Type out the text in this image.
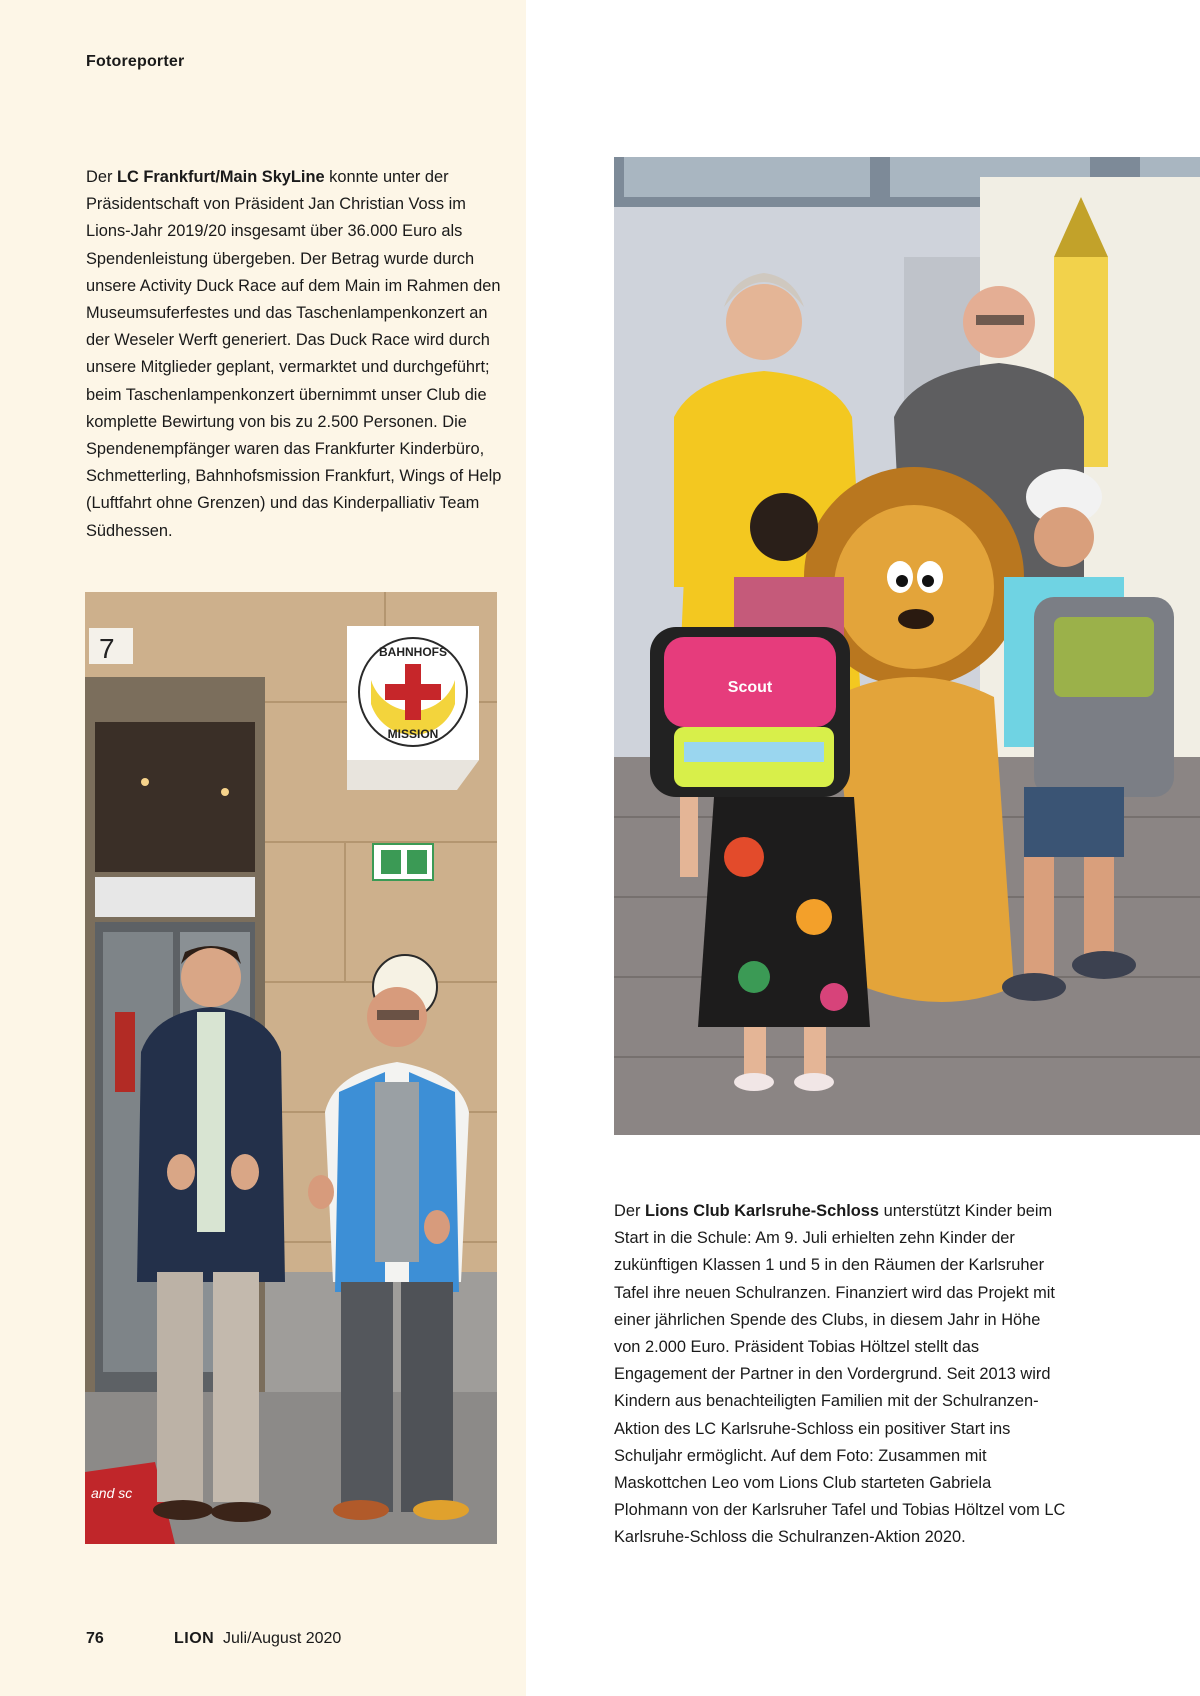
Fotoreporter

Der LC Frankfurt/Main SkyLine konnte unter der Präsidentschaft von Präsident Jan Christian Voss im Lions-Jahr 2019/20 insgesamt über 36.000 Euro als Spendenleistung übergeben. Der Betrag wurde durch unsere Activity Duck Race auf dem Main im Rahmen den Museumsuferfestes und das Taschenlampenkonzert an der Weseler Werft generiert. Das Duck Race wird durch unsere Mitglieder geplant, vermarktet und durchgeführt; beim Taschenlampenkonzert übernimmt unser Club die komplette Bewirtung von bis zu 2.500 Personen. Die Spendenempfänger waren das Frankfurter Kinderbüro, Schmetterling, Bahnhofsmission Frankfurt, Wings of Help (Luftfahrt ohne Grenzen) und das Kinderpalliativ Team Südhessen.

7	BAHNHOFS
MISSION
and sc
Scout

Der Lions Club Karlsruhe-Schloss unterstützt Kinder beim Start in die Schule: Am 9. Juli erhielten zehn Kinder der zukünftigen Klassen 1 und 5 in den Räumen der Karlsruher Tafel ihre neuen Schulranzen. Finanziert wird das Projekt mit einer jährlichen Spende des Clubs, in diesem Jahr in Höhe von 2.000 Euro. Präsident Tobias Höltzel stellt das Engagement der Partner in den Vordergrund. Seit 2013 wird Kindern aus benachteiligten Familien mit der Schulranzen-Aktion des LC Karlsruhe-Schloss ein positiver Start ins Schuljahr ermöglicht. Auf dem Foto: Zusammen mit Maskottchen Leo vom Lions Club starteten Gabriela Plohmann von der Karlsruher Tafel und Tobias Höltzel vom LC Karlsruhe-Schloss die Schulranzen-Aktion 2020.

76	LION Juli/August 2020
